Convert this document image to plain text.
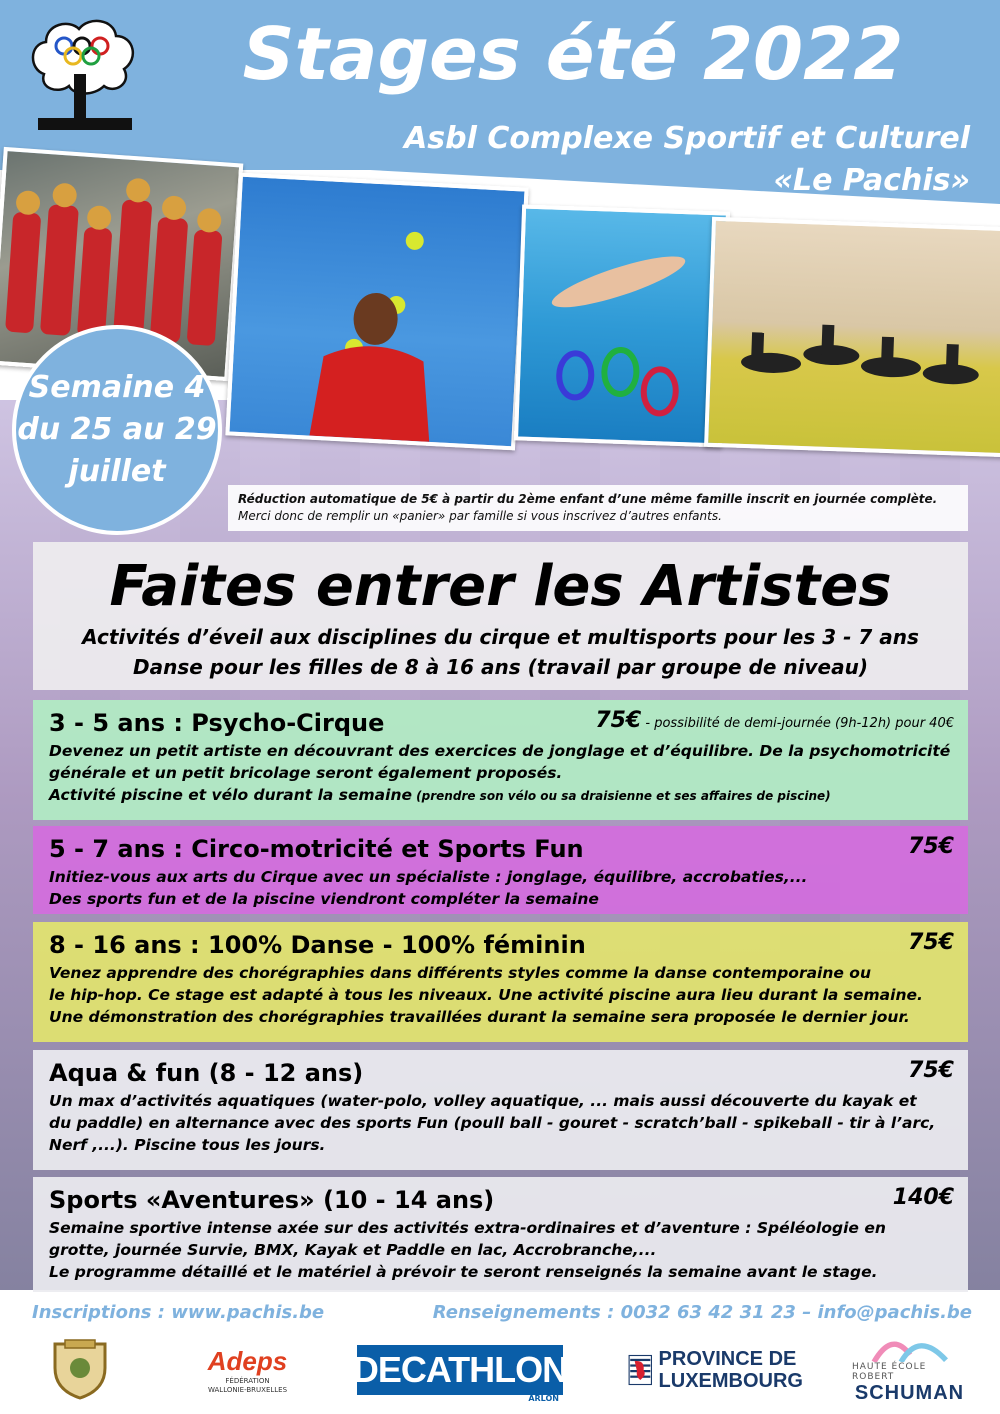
Stages été 2022
Asbl Complexe Sportif et Culturel
«Le Pachis»
Semaine 4
du 25 au 29
juillet
Réduction automatique de 5€ à partir du 2ème enfant d’une même famille inscrit en journée complète.
Merci donc de remplir un «panier» par famille si vous inscrivez d’autres enfants.
Faites entrer les Artistes
Activités d’éveil aux disciplines du cirque et multisports pour les 3 - 7 ans
Danse pour les filles de 8 à 16 ans (travail par groupe de niveau)
3 - 5 ans : Psycho-Cirque	75€ - possibilité de demi-journée (9h-12h) pour 40€
Devenez un petit artiste en découvrant des exercices de jonglage et d’équilibre. De la psychomotricité
générale et un petit bricolage seront également proposés.
Activité piscine et vélo durant la semaine (prendre son vélo ou sa draisienne et ses affaires de piscine)
5 - 7 ans : Circo-motricité et Sports Fun	75€
Initiez-vous aux arts du Cirque avec un spécialiste : jonglage, équilibre, accrobaties,...
Des sports fun et de la piscine viendront compléter la semaine
8 - 16 ans : 100% Danse - 100% féminin	75€
Venez apprendre des chorégraphies dans différents styles comme la danse contemporaine ou
le hip-hop. Ce stage est adapté à tous les niveaux. Une activité piscine aura lieu durant la semaine.
Une démonstration des chorégraphies travaillées durant la semaine sera proposée le dernier jour.
Aqua & fun (8 - 12 ans)	75€
Un max d’activités aquatiques (water-polo, volley aquatique, ... mais aussi découverte du kayak et
du paddle) en alternance avec des sports Fun (poull ball - gouret - scratch’ball - spikeball - tir à l’arc,
Nerf ,...). Piscine tous les jours.
Sports «Aventures» (10 - 14 ans)	140€
Semaine sportive intense axée sur des activités extra-ordinaires et d’aventure : Spéléologie en
grotte, journée Survie, BMX, Kayak et Paddle en lac, Accrobranche,...
Le programme détaillé et le matériel à prévoir te seront renseignés la semaine avant le stage.
Inscriptions : www.pachis.be	Renseignements : 0032 63 42 31 23 – info@pachis.be
Adeps
FÉDÉRATION
WALLONIE-BRUXELLES DECATHLON
ARLON
PROVINCE DE
LUXEMBOURG
HAUTE ÉCOLE ROBERT
SCHUMAN
